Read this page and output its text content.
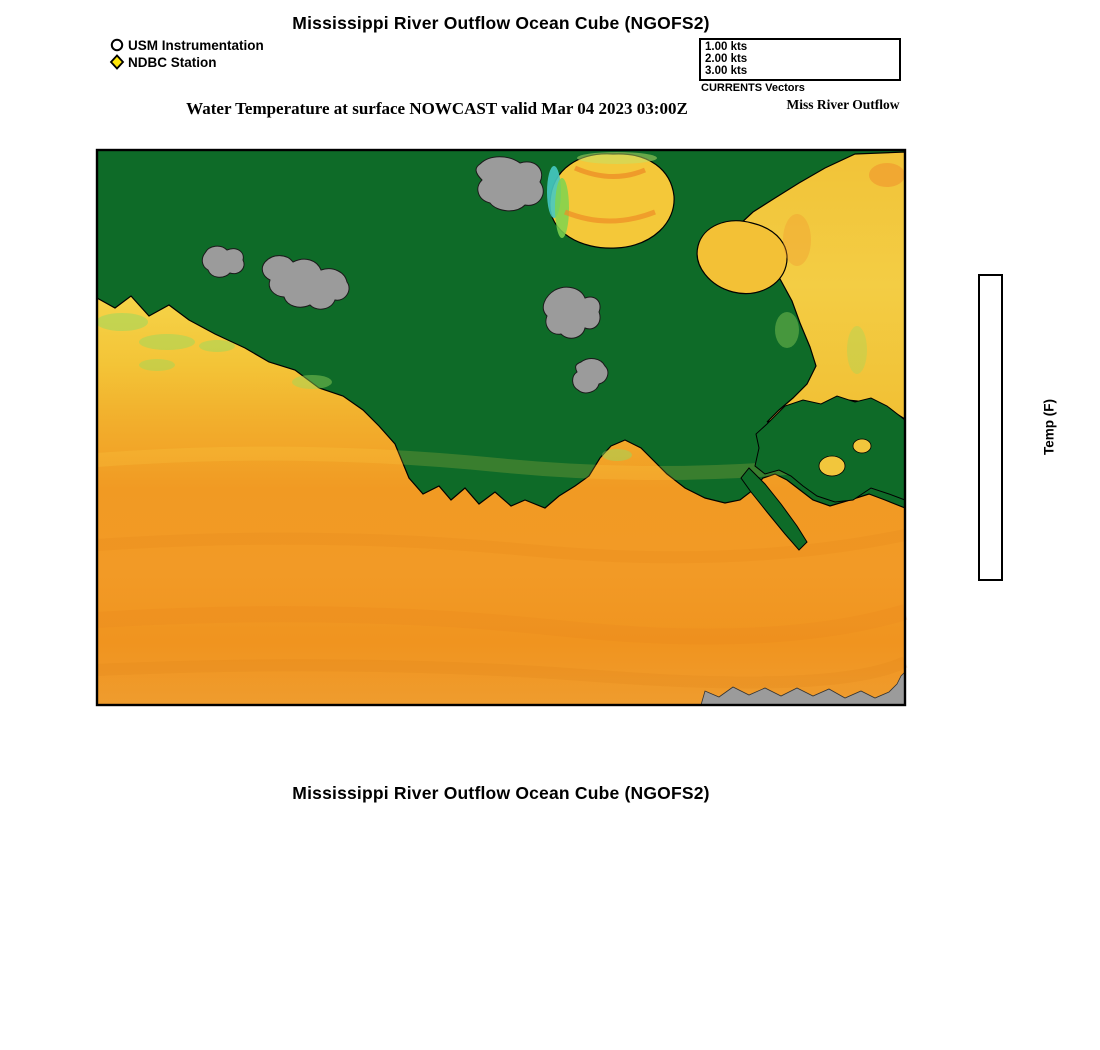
Mississippi River Outflow Ocean Cube (NGOFS2)
USM Instrumentation
NDBC Station
1.00 kts
2.00 kts
3.00 kts
CURRENTS Vectors
Water Temperature at surface NOWCAST valid Mar 04 2023 03:00Z	Miss River Outflow
Temp (F)
Mississippi River Outflow Ocean Cube (NGOFS2)
